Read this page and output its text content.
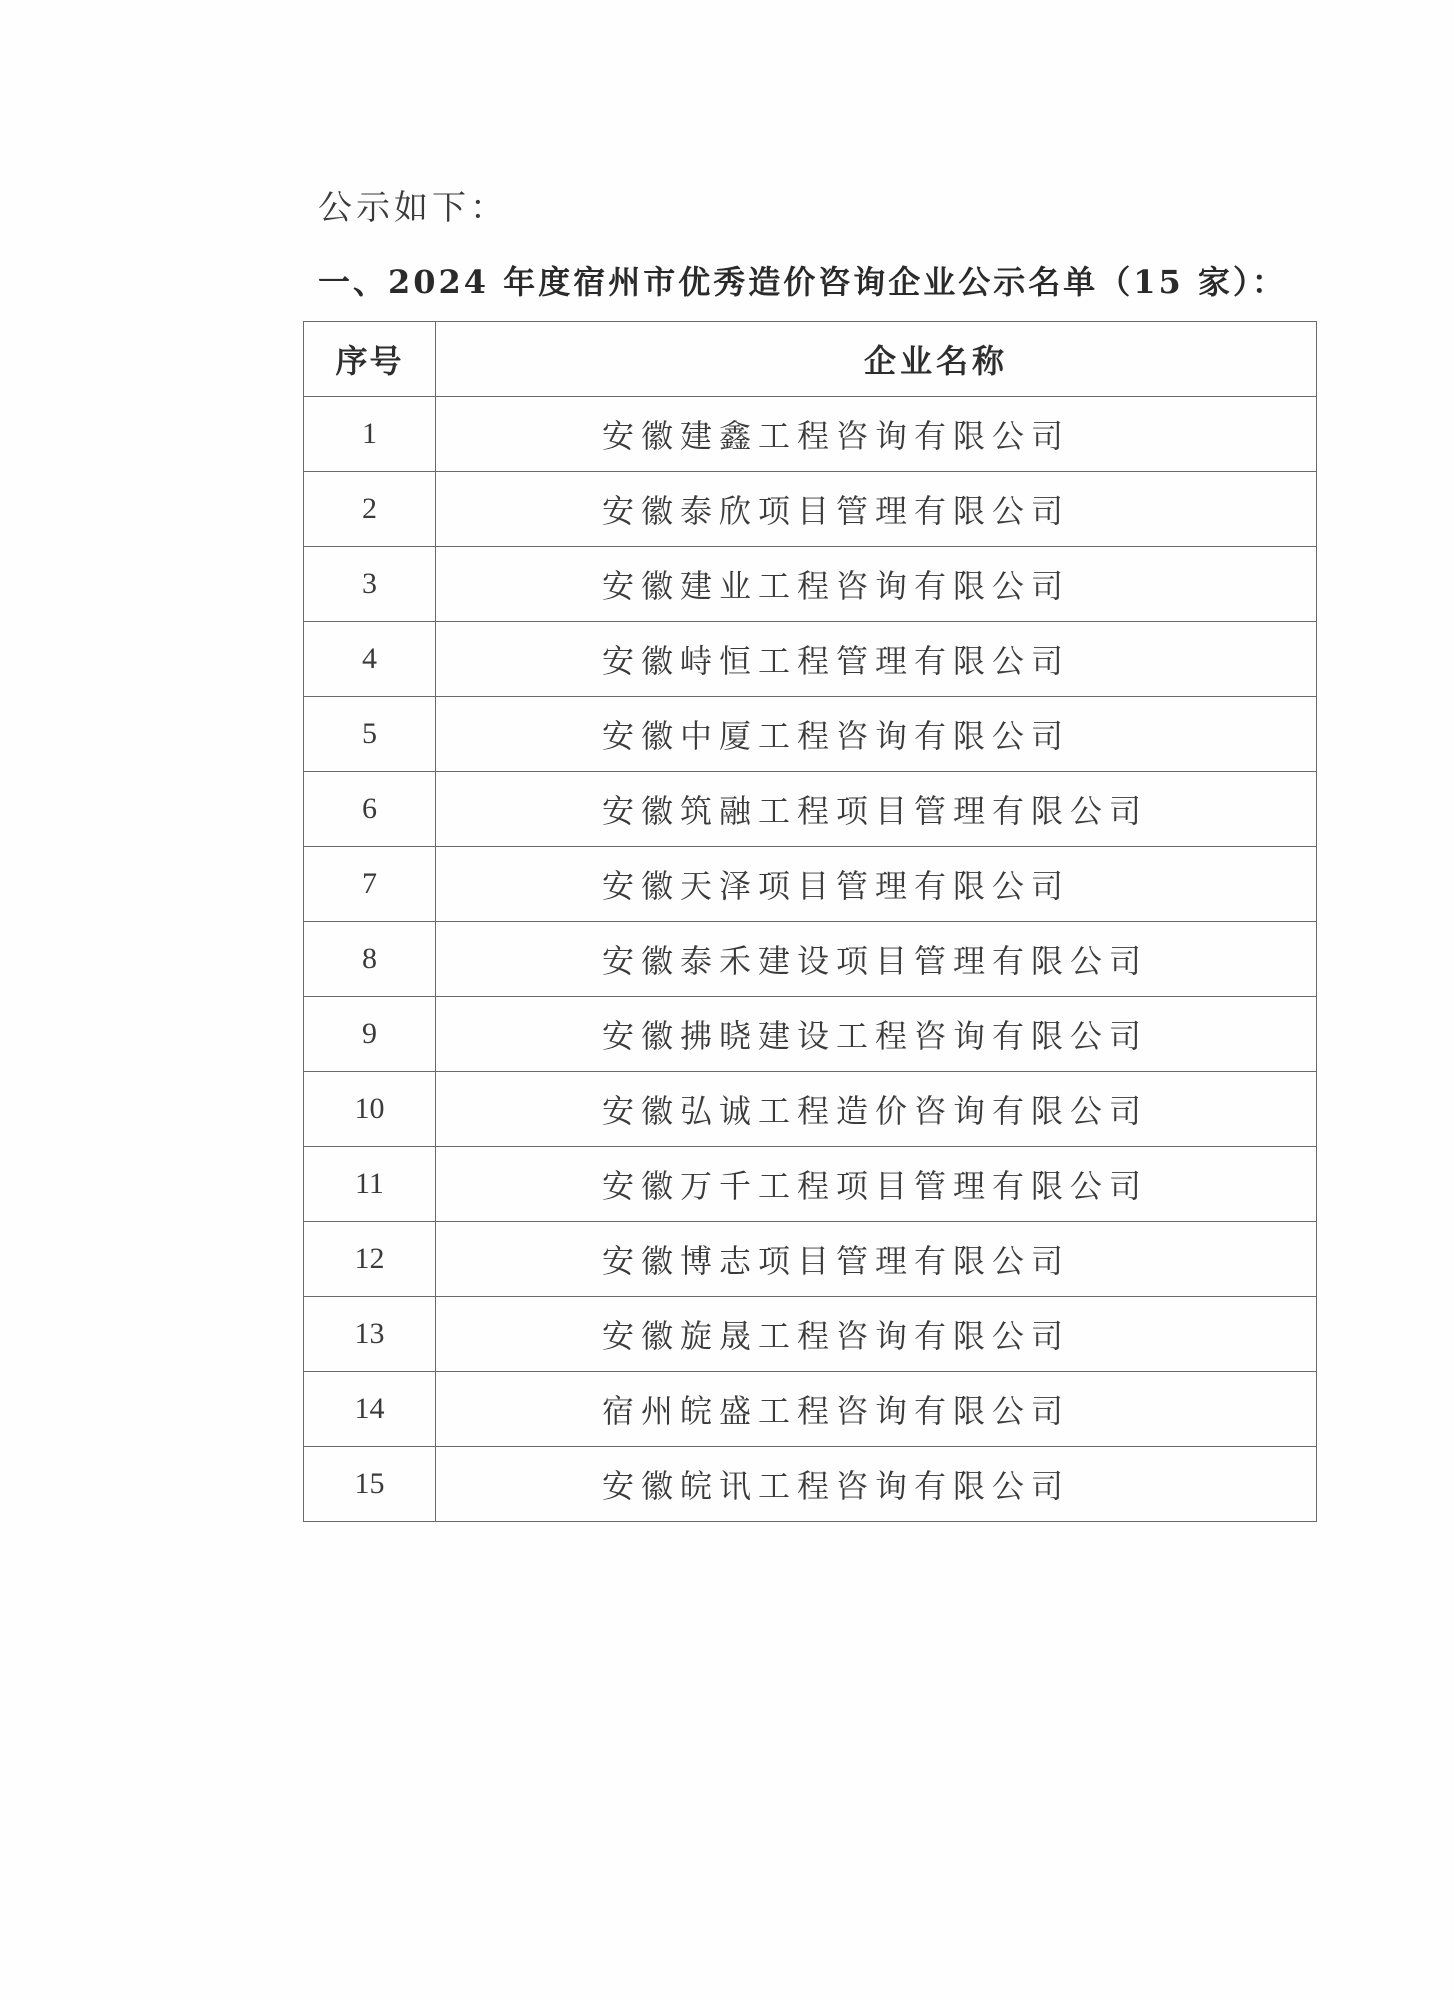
公示如下：
一、2024 年度宿州市优秀造价咨询企业公示名单（15 家）：
序号	企业名称
1	安徽建鑫工程咨询有限公司
2	安徽泰欣项目管理有限公司
3	安徽建业工程咨询有限公司
4	安徽峙恒工程管理有限公司
5	安徽中厦工程咨询有限公司
6	安徽筑融工程项目管理有限公司
7	安徽天泽项目管理有限公司
8	安徽泰禾建设项目管理有限公司
9	安徽拂晓建设工程咨询有限公司
10	安徽弘诚工程造价咨询有限公司
11	安徽万千工程项目管理有限公司
12	安徽博志项目管理有限公司
13	安徽旋晟工程咨询有限公司
14	宿州皖盛工程咨询有限公司
15	安徽皖讯工程咨询有限公司
